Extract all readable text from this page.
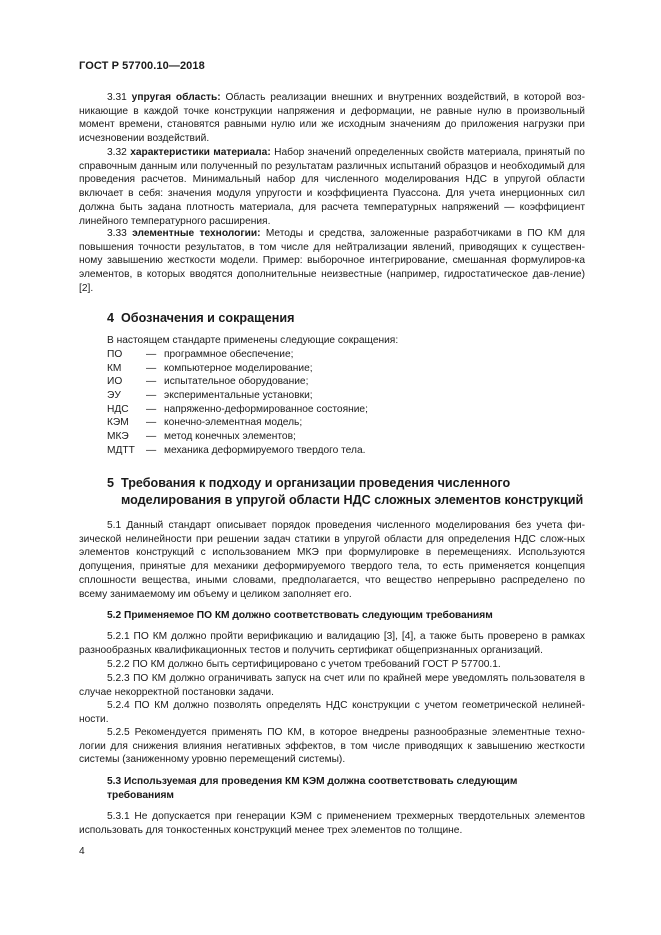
ГОСТ Р 57700.10—2018

3.31 упругая область: Область реализации внешних и внутренних воздействий, в которой воз-никающие в каждой точке конструкции напряжения и деформации, не равные нулю в произвольный момент времени, становятся равными нулю или же исходным значениям до приложения нагрузки при исчезновении воздействий.

3.32 характеристики материала: Набор значений определенных свойств материала, принятый по справочным данным или полученный по результатам различных испытаний образцов и необходимый для проведения расчетов. Минимальный набор для численного моделирования НДС в упругой области включает в себя: значения модуля упругости и коэффициента Пуассона. Для учета инерционных сил должна быть задана плотность материала, для расчета температурных напряжений — коэффициент линейного температурного расширения.

3.33 элементные технологии: Методы и средства, заложенные разработчиками в ПО КМ для повышения точности результатов, в том числе для нейтрализации явлений, приводящих к существен-ному завышению жесткости модели. Пример: выборочное интегрирование, смешанная формулиров-ка элементов, в которых вводятся дополнительные неизвестные (например, гидростатическое дав-ление) [2].

4 Обозначения и сокращения

В настоящем стандарте применены следующие сокращения:

ПО — программное обеспечение;
КМ — компьютерное моделирование;
ИО — испытательное оборудование;
ЭУ — экспериментальные установки;
НДС — напряженно-деформированное состояние;
КЭМ — конечно-элементная модель;
МКЭ — метод конечных элементов;
МДТТ — механика деформируемого твердого тела.
5 Требования к подходу и организации проведения численного
моделирования в упругой области НДС сложных элементов конструкций

5.1 Данный стандарт описывает порядок проведения численного моделирования без учета фи-зической нелинейности при решении задач статики в упругой области для определения НДС слож-ных элементов конструкций с использованием МКЭ при формулировке в перемещениях. Используются допущения, принятые для механики деформируемого твердого тела, то есть применяется концепция сплошности вещества, иными словами, предполагается, что вещество непрерывно распределено по всему занимаемому им объему и целиком заполняет его.

5.2 Применяемое ПО КМ должно соответствовать следующим требованиям

5.2.1 ПО КМ должно пройти верификацию и валидацию [3], [4], а также быть проверено в рамках разнообразных квалификационных тестов и получить сертификат общепризнанных организаций.

5.2.2 ПО КМ должно быть сертифицировано с учетом требований ГОСТ Р 57700.1.

5.2.3 ПО КМ должно ограничивать запуск на счет или по крайней мере уведомлять пользователя в случае некорректной постановки задачи.

5.2.4 ПО КМ должно позволять определять НДС конструкции с учетом геометрической нелиней-ности.

5.2.5 Рекомендуется применять ПО КМ, в которое внедрены разнообразные элементные техно-логии для снижения влияния негативных эффектов, в том числе приводящих к завышению жесткости системы (заниженному уровню перемещений системы).

5.3 Используемая для проведения КМ КЭМ должна соответствовать следующим
требованиям

5.3.1 Не допускается при генерации КЭМ с применением трехмерных твердотельных элементов использовать для тонкостенных конструкций менее трех элементов по толщине.

4
